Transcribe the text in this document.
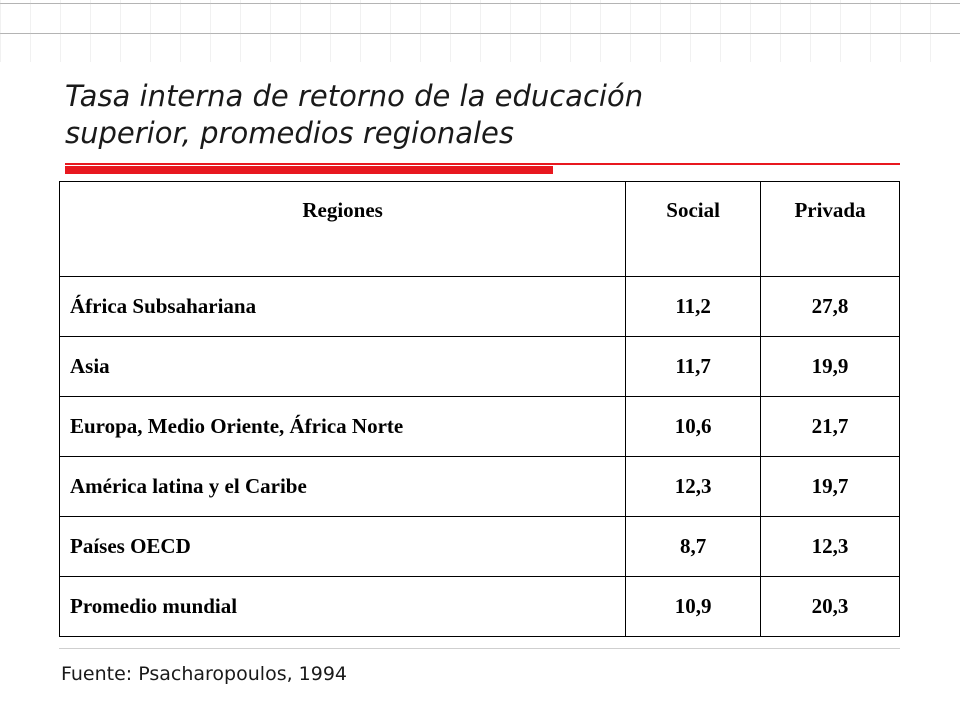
Tasa interna de retorno de la educación
superior, promedios regionales
Regiones	Social	Privada
África Subsahariana	11,2	27,8
Asia	11,7	19,9
Europa, Medio Oriente, África Norte	10,6	21,7
América latina y el Caribe	12,3	19,7
Países OECD	8,7	12,3
Promedio mundial	10,9	20,3
Fuente: Psacharopoulos, 1994
